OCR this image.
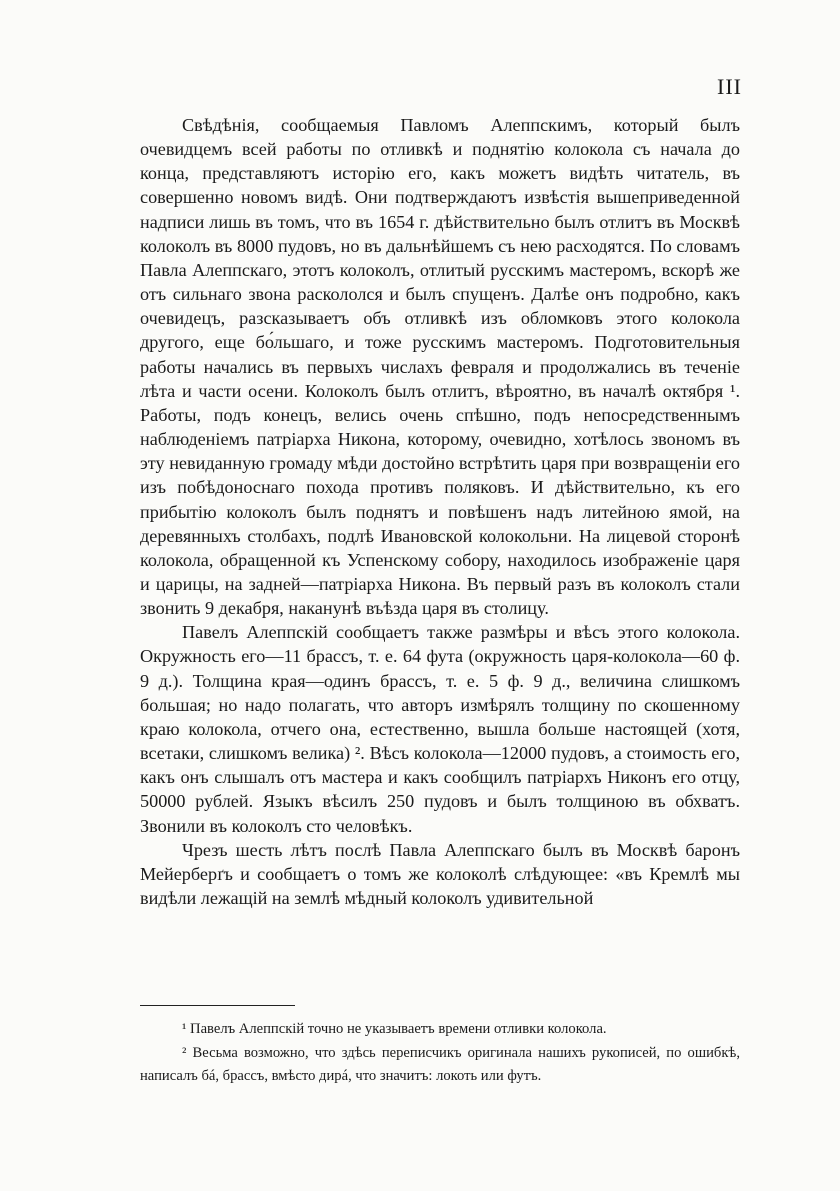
III

Свѣдѣнія, сообщаемыя Павломъ Алеппскимъ, который былъ очевидцемъ всей работы по отливкѣ и поднятію колокола съ начала до конца, представляютъ исторію его, какъ можетъ видѣть читатель, въ совершенно новомъ видѣ. Они подтверждаютъ извѣстія вышеприведенной надписи лишь въ томъ, что въ 1654 г. дѣйствительно былъ отлитъ въ Москвѣ колоколъ въ 8000 пудовъ, но въ дальнѣйшемъ съ нею расходятся. По словамъ Павла Алеппскаго, этотъ колоколъ, отлитый русскимъ мастеромъ, вскорѣ же отъ сильнаго звона раскололся и былъ спущенъ. Далѣе онъ подробно, какъ очевидецъ, разсказываетъ объ отливкѣ изъ обломковъ этого колокола другого, еще бо́льшаго, и тоже русскимъ мастеромъ. Подготовительныя работы начались въ первыхъ числахъ февраля и продолжались въ теченіе лѣта и части осени. Колоколъ былъ отлитъ, вѣроятно, въ началѣ октября ¹. Работы, подъ конецъ, велись очень спѣшно, подъ непосредственнымъ наблюденіемъ патріарха Никона, которому, очевидно, хотѣлось звономъ въ эту невиданную громаду мѣди достойно встрѣтить царя при возвращеніи его изъ побѣдоноснаго похода противъ поляковъ. И дѣйствительно, къ его прибытію колоколъ былъ поднятъ и повѣшенъ надъ литейною ямой, на деревянныхъ столбахъ, подлѣ Ивановской колокольни. На лицевой сторонѣ колокола, обращенной къ Успенскому собору, находилось изображеніе царя и царицы, на задней—патріарха Никона. Въ первый разъ въ колоколъ стали звонить 9 декабря, наканунѣ въѣзда царя въ столицу.

Павелъ Алеппскій сообщаетъ также размѣры и вѣсъ этого колокола. Окружность его—11 брассъ, т. е. 64 фута (окружность царя-колокола—60 ф. 9 д.). Толщина края—одинъ брассъ, т. е. 5 ф. 9 д., величина слишкомъ большая; но надо полагать, что авторъ измѣрялъ толщину по скошенному краю колокола, отчего она, естественно, вышла больше настоящей (хотя, всетаки, слишкомъ велика) ². Вѣсъ колокола—12000 пудовъ, а стоимость его, какъ онъ слышалъ отъ мастера и какъ сообщилъ патріархъ Никонъ его отцу, 50000 рублей. Языкъ вѣсилъ 250 пудовъ и былъ толщиною въ обхватъ. Звонили въ колоколъ сто человѣкъ.

Чрезъ шесть лѣтъ послѣ Павла Алеппскаго былъ въ Москвѣ баронъ Мейерберґъ и сообщаетъ о томъ же колоколѣ слѣдующее: «въ Кремлѣ мы видѣли лежащій на землѣ мѣдный колоколъ удивительной

¹ Павелъ Алеппскій точно не указываетъ времени отливки колокола.

² Весьма возможно, что здѣсь переписчикъ оригинала нашихъ рукописей, по ошибкѣ, написалъ бá, брассъ, вмѣсто дирá, что значитъ: локоть или футъ.
